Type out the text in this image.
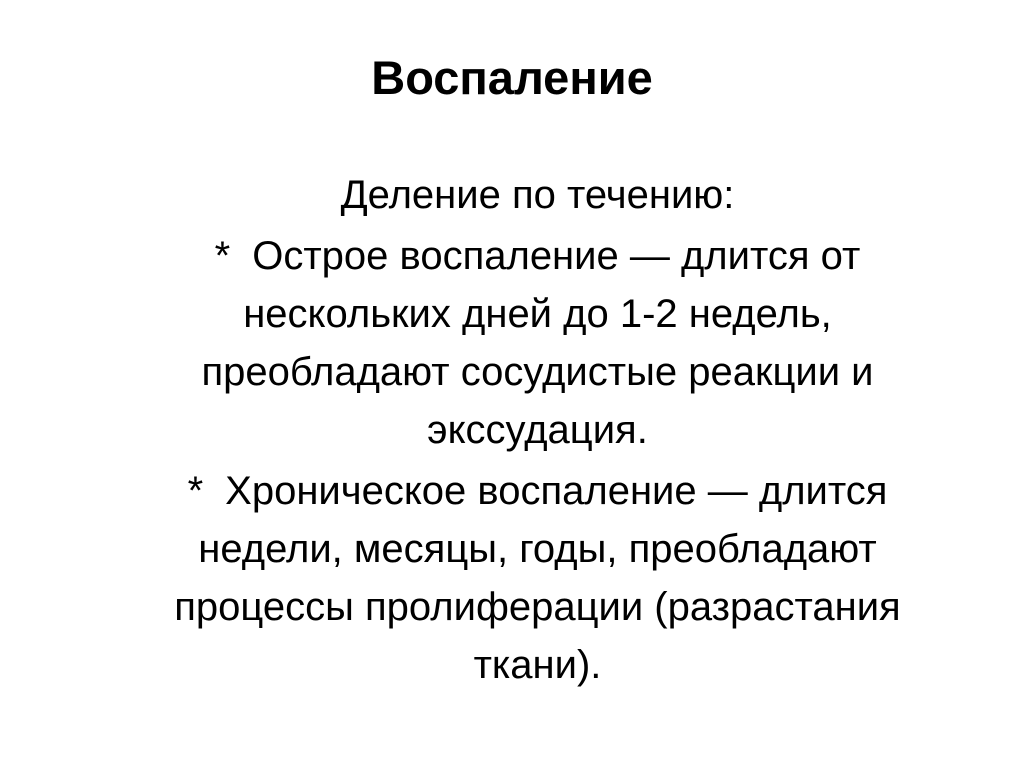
Воспаление

Деление по течению:

* Острое воспаление — длится от
нескольких дней до 1-2 недель,
преобладают сосудистые реакции и
экссудация.

* Хроническое воспаление — длится
недели, месяцы, годы, преобладают
процессы пролиферации (разрастания
ткани).
